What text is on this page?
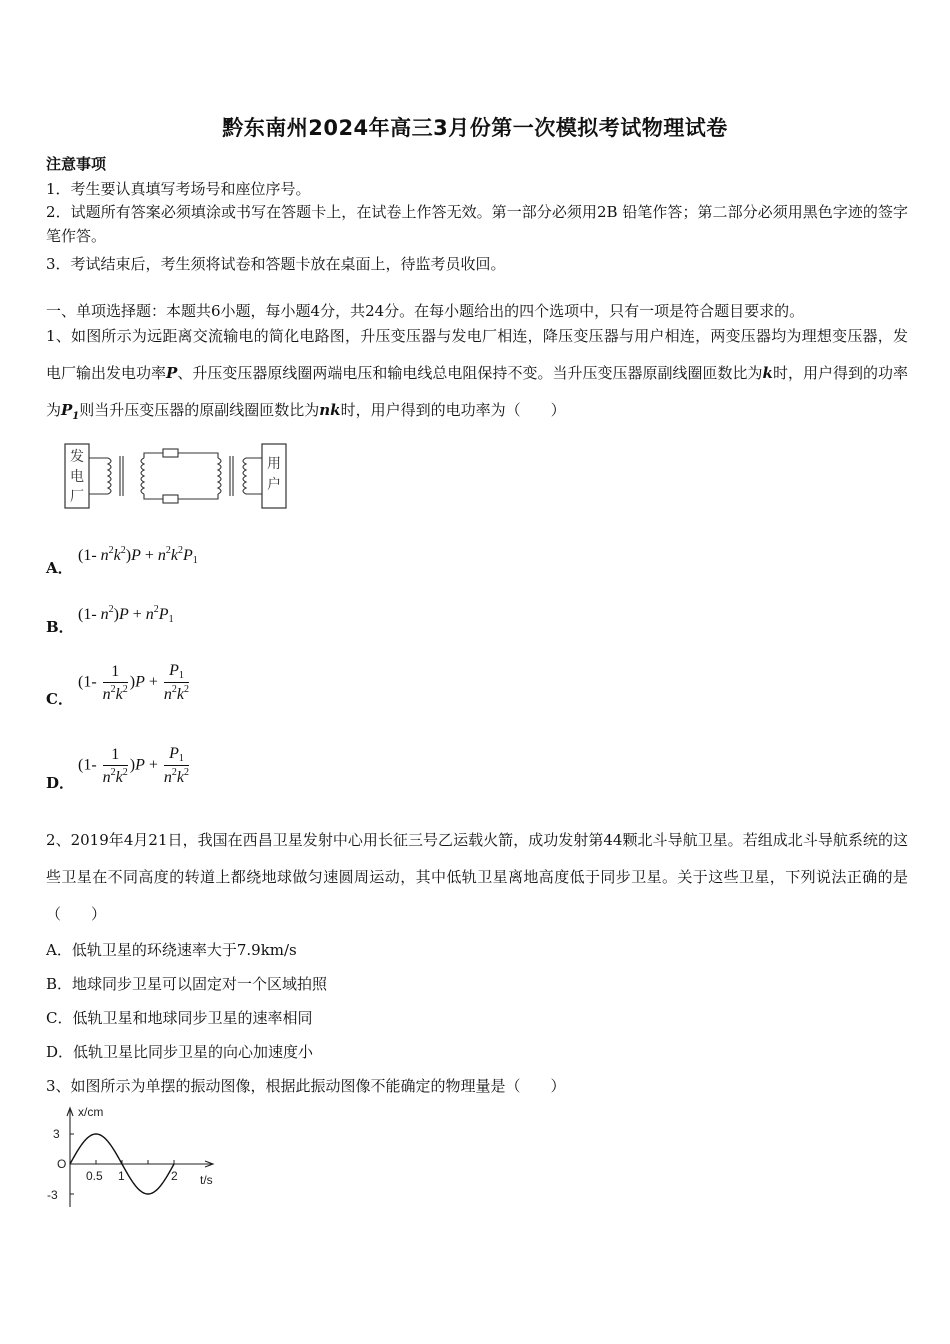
黔东南州2024年高三3月份第一次模拟考试物理试卷
注意事项
1．考生要认真填写考场号和座位序号。
2．试题所有答案必须填涂或书写在答题卡上，在试卷上作答无效。第一部分必须用2B 铅笔作答；第二部分必须用黑色字迹的签字笔作答。
3．考试结束后，考生须将试卷和答题卡放在桌面上，待监考员收回。
一、单项选择题：本题共6小题，每小题4分，共24分。在每小题给出的四个选项中，只有一项是符合题目要求的。
1、如图所示为远距离交流输电的简化电路图，升压变压器与发电厂相连，降压变压器与用户相连，两变压器均为理想变压器，发电厂输出发电功率P、升压变压器原线圈两端电压和输电线总电阻保持不变。当升压变压器原副线圈匝数比为k时，用户得到的功率为$P_1$则当升压变压器的原副线圈匝数比为nk时，用户得到的电功率为（　　）
发
电
厂
用
户
A．
(1- $n^2k^2)P + n^2k^2P1$
B．
(1- $n^2)P + n^2P1$
C．
$(1- \frac{1}{n^2k^2} )P + \frac{P1}{n^2k^2}$
D．
$(1- \frac{1}{n^2k^2} )P + \frac{P1}{n^2k^2}$
2、2019年4月21日，我国在西昌卫星发射中心用长征三号乙运载火箭，成功发射第44颗北斗导航卫星。若组成北斗导航系统的这些卫星在不同高度的转道上都绕地球做匀速圆周运动，其中低轨卫星离地高度低于同步卫星。关于这些卫星，下列说法正确的是（　　）
A．低轨卫星的环绕速率大于7.9km/s
B．地球同步卫星可以固定对一个区域拍照
C．低轨卫星和地球同步卫星的速率相同
D．低轨卫星比同步卫星的向心加速度小
3、如图所示为单摆的振动图像，根据此振动图像不能确定的物理量是（　　）
x/cm
3
O
-3
0.5 1	2 t/s
